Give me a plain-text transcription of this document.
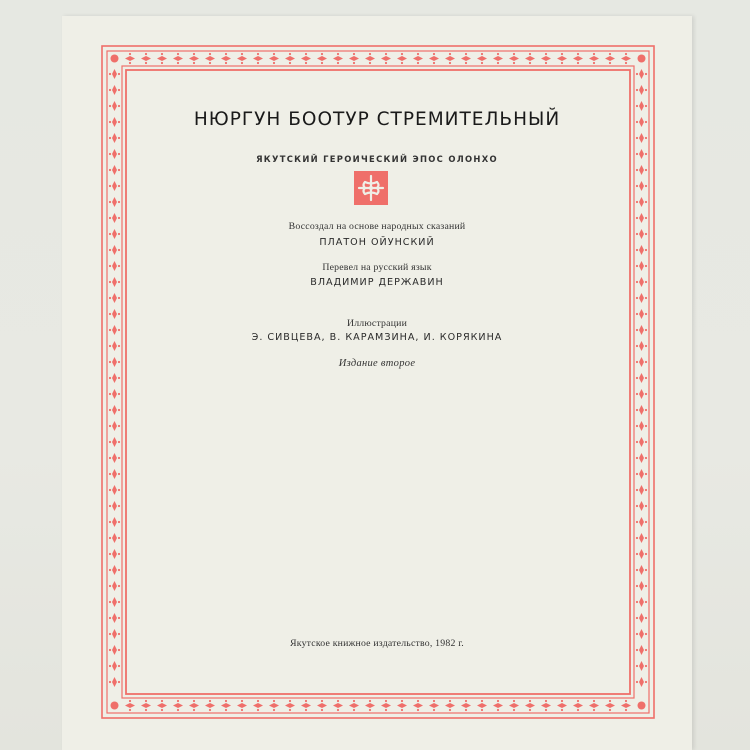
НЮРГУН БООТУР СТРЕМИТЕЛЬНЫЙ
ЯКУТСКИЙ ГЕРОИЧЕСКИЙ ЭПОС ОЛОНХО
Воссоздал на основе народных сказаний
ПЛАТОН ОЙУНСКИЙ
Перевел на русский язык
ВЛАДИМИР ДЕРЖАВИН
Иллюстрации
Э. СИВЦЕВА, В. КАРАМЗИНА, И. КОРЯКИНА
Издание второе
Якутское книжное издательство, 1982 г.
